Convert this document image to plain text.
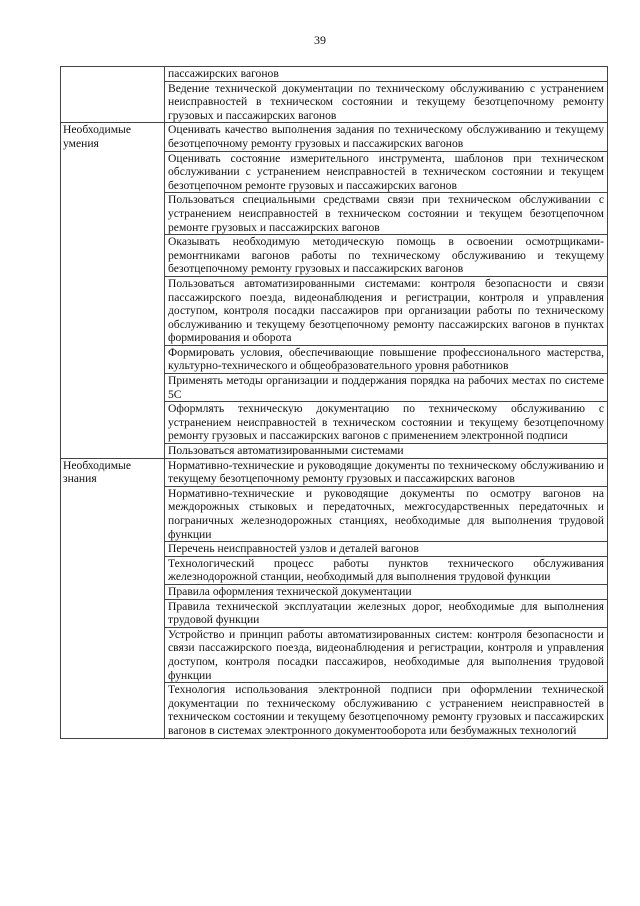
39
	пассажирских вагонов
	Ведение технической документации по техническому обслуживанию с устранением неисправностей в техническом состоянии и текущему безотцепочному ремонту грузовых и пассажирских вагонов
Необходимые умения	Оценивать качество выполнения задания по техническому обслуживанию и текущему безотцепочному ремонту грузовых и пассажирских вагонов
	Оценивать состояние измерительного инструмента, шаблонов при техническом обслуживании с устранением неисправностей в техническом состоянии и текущем безотцепочном ремонте грузовых и пассажирских вагонов
	Пользоваться специальными средствами связи при техническом обслуживании с устранением неисправностей в техническом состоянии и текущем безотцепочном ремонте грузовых и пассажирских вагонов
	Оказывать необходимую методическую помощь в освоении осмотрщиками-ремонтниками вагонов работы по техническому обслуживанию и текущему безотцепочному ремонту грузовых и пассажирских вагонов
	Пользоваться автоматизированными системами: контроля безопасности и связи пассажирского поезда, видеонаблюдения и регистрации, контроля и управления доступом, контроля посадки пассажиров при организации работы по техническому обслуживанию и текущему безотцепочному ремонту пассажирских вагонов в пунктах формирования и оборота
	Формировать условия, обеспечивающие повышение профессионального мастерства, культурно-технического и общеобразовательного уровня работников
	Применять методы организации и поддержания порядка на рабочих местах по системе 5С
	Оформлять техническую документацию по техническому обслуживанию с устранением неисправностей в техническом состоянии и текущему безотцепочному ремонту грузовых и пассажирских вагонов с применением электронной подписи
	Пользоваться автоматизированными системами
Необходимые знания	Нормативно-технические и руководящие документы по техническому обслуживанию и текущему безотцепочному ремонту грузовых и пассажирских вагонов
	Нормативно-технические и руководящие документы по осмотру вагонов на междорожных стыковых и передаточных, межгосударственных передаточных и пограничных железнодорожных станциях, необходимые для выполнения трудовой функции
	Перечень неисправностей узлов и деталей вагонов
	Технологический процесс работы пунктов технического обслуживания железнодорожной станции, необходимый для выполнения трудовой функции
	Правила оформления технической документации
	Правила технической эксплуатации железных дорог, необходимые для выполнения трудовой функции
	Устройство и принцип работы автоматизированных систем: контроля безопасности и связи пассажирского поезда, видеонаблюдения и регистрации, контроля и управления доступом, контроля посадки пассажиров, необходимые для выполнения трудовой функции
	Технология использования электронной подписи при оформлении технической документации по техническому обслуживанию с устранением неисправностей в техническом состоянии и текущему безотцепочному ремонту грузовых и пассажирских вагонов в системах электронного документооборота или безбумажных технологий
